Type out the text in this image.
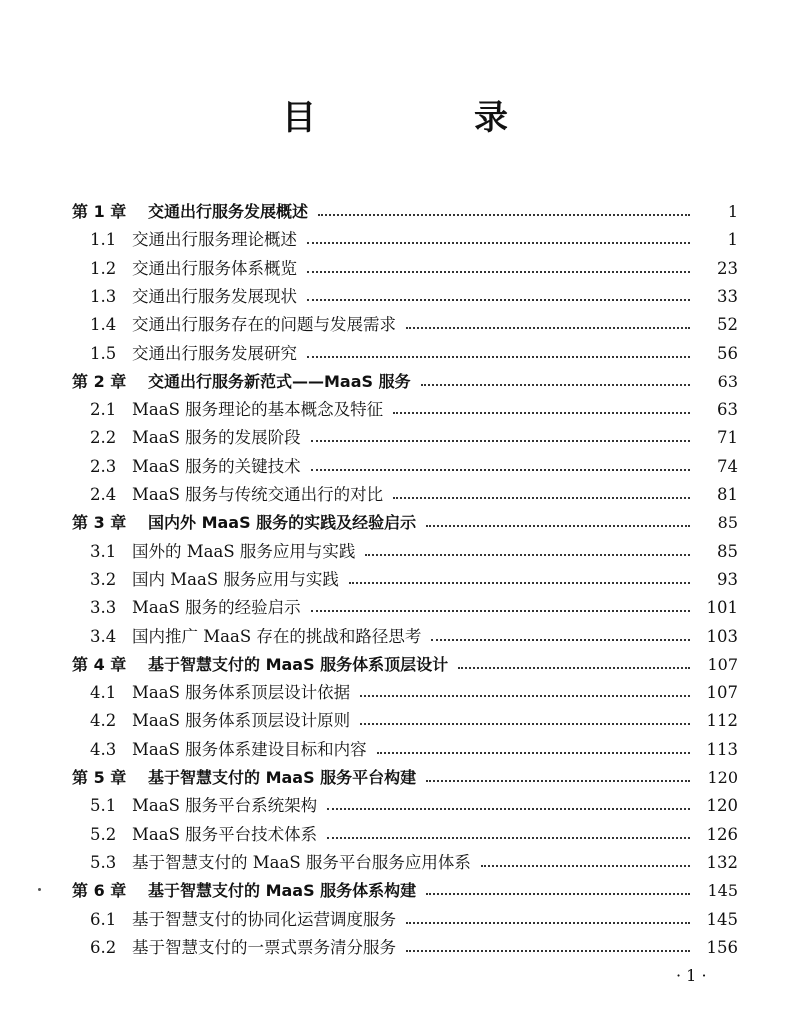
目　录
第 1 章	交通出行服务发展概述	1
1.1 交通出行服务理论概述	1
1.2 交通出行服务体系概览	23
1.3 交通出行服务发展现状	33
1.4 交通出行服务存在的问题与发展需求	52
1.5 交通出行服务发展研究	56
第 2 章	交通出行服务新范式——MaaS 服务	63
2.1 MaaS 服务理论的基本概念及特征	63
2.2 MaaS 服务的发展阶段	71
2.3 MaaS 服务的关键技术	74
2.4 MaaS 服务与传统交通出行的对比	81
第 3 章	国内外 MaaS 服务的实践及经验启示	85
3.1 国外的 MaaS 服务应用与实践	85
3.2 国内 MaaS 服务应用与实践	93
3.3 MaaS 服务的经验启示	101
3.4 国内推广 MaaS 存在的挑战和路径思考	103
第 4 章	基于智慧支付的 MaaS 服务体系顶层设计	107
4.1 MaaS 服务体系顶层设计依据	107
4.2 MaaS 服务体系顶层设计原则	112
4.3 MaaS 服务体系建设目标和内容	113
第 5 章	基于智慧支付的 MaaS 服务平台构建	120
5.1 MaaS 服务平台系统架构	120
5.2 MaaS 服务平台技术体系	126
5.3 基于智慧支付的 MaaS 服务平台服务应用体系	132
第 6 章	基于智慧支付的 MaaS 服务体系构建	145
6.1 基于智慧支付的协同化运营调度服务	145
6.2 基于智慧支付的一票式票务清分服务	156
· 1 ·
